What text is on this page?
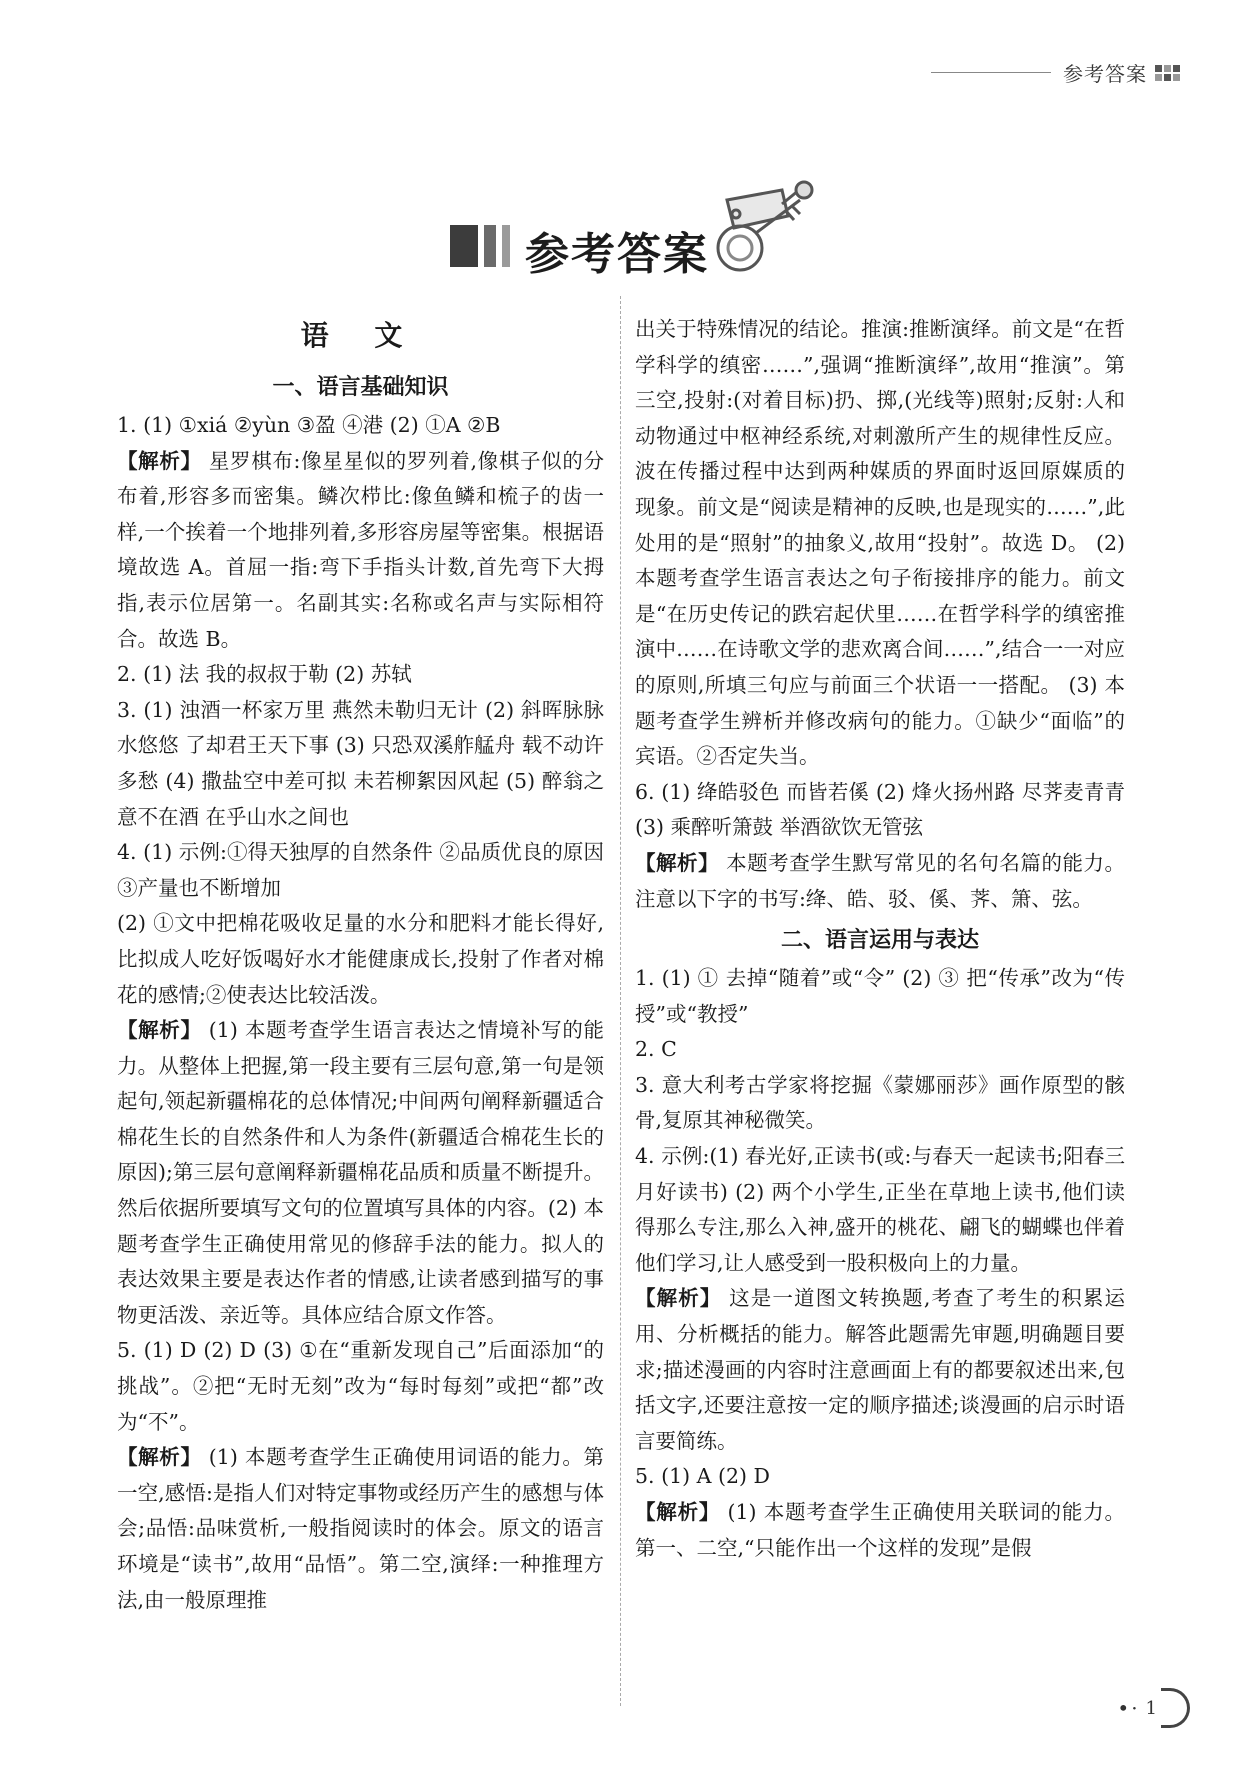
参考答案
参考答案
语 文
一、语言基础知识

1. (1) ①xiá ②yùn ③盈 ④港 (2) ①A ②B

【解析】 星罗棋布:像星星似的罗列着,像棋子似的分布着,形容多而密集。鳞次栉比:像鱼鳞和梳子的齿一样,一个挨着一个地排列着,多形容房屋等密集。根据语境故选 A。首屈一指:弯下手指头计数,首先弯下大拇指,表示位居第一。名副其实:名称或名声与实际相符合。故选 B。

2. (1) 法 我的叔叔于勒 (2) 苏轼

3. (1) 浊酒一杯家万里 燕然未勒归无计 (2) 斜晖脉脉水悠悠 了却君王天下事 (3) 只恐双溪舴艋舟 载不动许多愁 (4) 撒盐空中差可拟 未若柳絮因风起 (5) 醉翁之意不在酒 在乎山水之间也

4. (1) 示例:①得天独厚的自然条件 ②品质优良的原因 ③产量也不断增加

(2) ①文中把棉花吸收足量的水分和肥料才能长得好,比拟成人吃好饭喝好水才能健康成长,投射了作者对棉花的感情;②使表达比较活泼。

【解析】 (1) 本题考查学生语言表达之情境补写的能力。从整体上把握,第一段主要有三层句意,第一句是领起句,领起新疆棉花的总体情况;中间两句阐释新疆适合棉花生长的自然条件和人为条件(新疆适合棉花生长的原因);第三层句意阐释新疆棉花品质和质量不断提升。然后依据所要填写文句的位置填写具体的内容。(2) 本题考查学生正确使用常见的修辞手法的能力。拟人的表达效果主要是表达作者的情感,让读者感到描写的事物更活泼、亲近等。具体应结合原文作答。

5. (1) D (2) D (3) ①在“重新发现自己”后面添加“的挑战”。②把“无时无刻”改为“每时每刻”或把“都”改为“不”。

【解析】 (1) 本题考查学生正确使用词语的能力。第一空,感悟:是指人们对特定事物或经历产生的感想与体会;品悟:品味赏析,一般指阅读时的体会。原文的语言环境是“读书”,故用“品悟”。第二空,演绎:一种推理方法,由一般原理推

出关于特殊情况的结论。推演:推断演绎。前文是“在哲学科学的缜密……”,强调“推断演绎”,故用“推演”。第三空,投射:(对着目标)扔、掷,(光线等)照射;反射:人和动物通过中枢神经系统,对刺激所产生的规律性反应。波在传播过程中达到两种媒质的界面时返回原媒质的现象。前文是“阅读是精神的反映,也是现实的……”,此处用的是“照射”的抽象义,故用“投射”。故选 D。 (2) 本题考查学生语言表达之句子衔接排序的能力。前文是“在历史传记的跌宕起伏里……在哲学科学的缜密推演中……在诗歌文学的悲欢离合间……”,结合一一对应的原则,所填三句应与前面三个状语一一搭配。 (3) 本题考查学生辨析并修改病句的能力。①缺少“面临”的宾语。②否定失当。

6. (1) 绛皓驳色 而皆若傒 (2) 烽火扬州路 尽荠麦青青 (3) 乘醉听箫鼓 举酒欲饮无管弦

【解析】 本题考查学生默写常见的名句名篇的能力。注意以下字的书写:绛、皓、驳、傒、荠、箫、弦。

二、语言运用与表达

1. (1) ① 去掉“随着”或“令” (2) ③ 把“传承”改为“传授”或“教授”

2. C

3. 意大利考古学家将挖掘《蒙娜丽莎》画作原型的骸骨,复原其神秘微笑。

4. 示例:(1) 春光好,正读书(或:与春天一起读书;阳春三月好读书) (2) 两个小学生,正坐在草地上读书,他们读得那么专注,那么入神,盛开的桃花、翩飞的蝴蝶也伴着他们学习,让人感受到一股积极向上的力量。

【解析】 这是一道图文转换题,考查了考生的积累运用、分析概括的能力。解答此题需先审题,明确题目要求;描述漫画的内容时注意画面上有的都要叙述出来,包括文字,还要注意按一定的顺序描述;谈漫画的启示时语言要简练。

5. (1) A (2) D

【解析】 (1) 本题考查学生正确使用关联词的能力。第一、二空,“只能作出一个这样的发现”是假

•· 1
